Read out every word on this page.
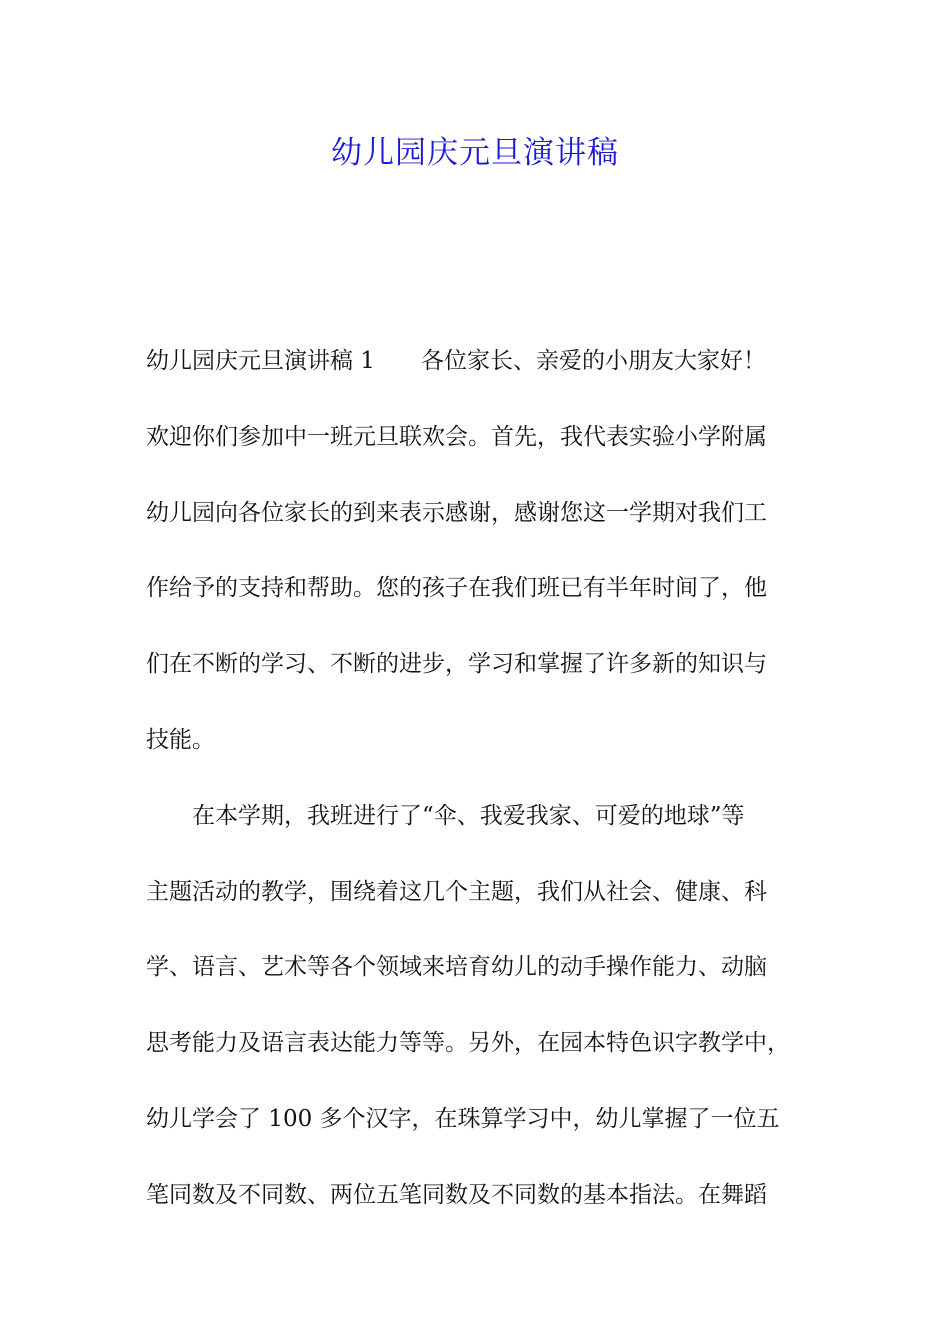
幼儿园庆元旦演讲稿
幼儿园庆元旦演讲稿 1　　各位家长、亲爱的小朋友大家好！
欢迎你们参加中一班元旦联欢会。首先，我代表实验小学附属
幼儿园向各位家长的到来表示感谢，感谢您这一学期对我们工
作给予的支持和帮助。您的孩子在我们班已有半年时间了，他
们在不断的学习、不断的进步，学习和掌握了许多新的知识与
技能。
　　在本学期，我班进行了“伞、我爱我家、可爱的地球”等
主题活动的教学，围绕着这几个主题，我们从社会、健康、科
学、语言、艺术等各个领域来培育幼儿的动手操作能力、动脑
思考能力及语言表达能力等等。另外，在园本特色识字教学中，
幼儿学会了 100 多个汉字，在珠算学习中，幼儿掌握了一位五
笔同数及不同数、两位五笔同数及不同数的基本指法。在舞蹈
